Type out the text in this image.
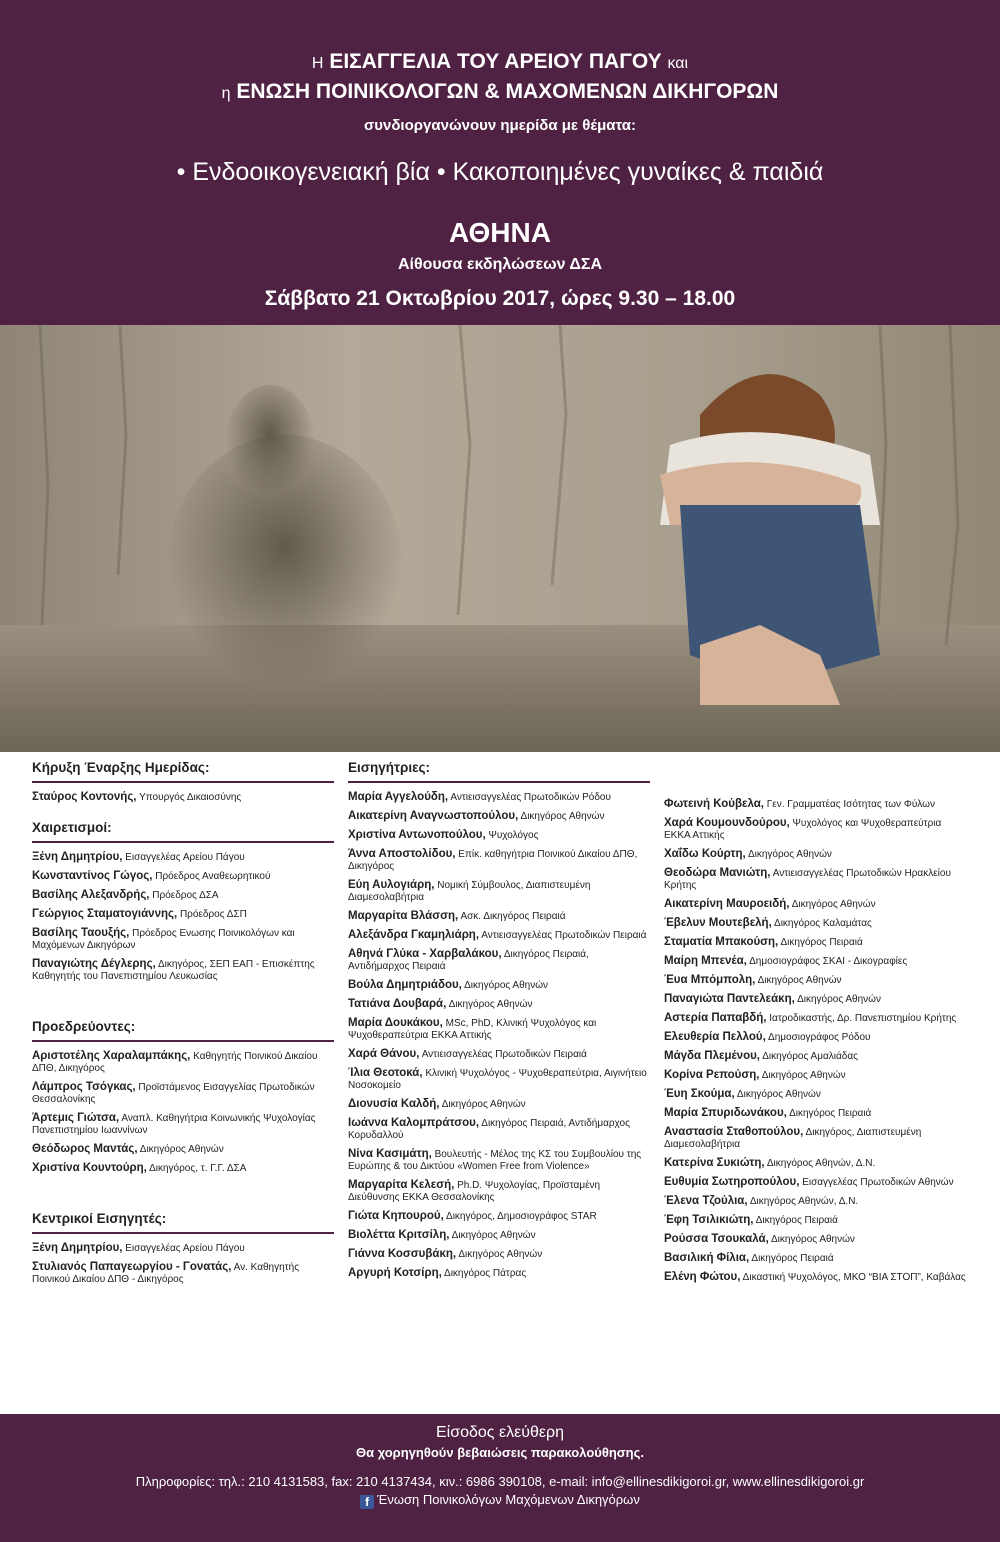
Η ΕΙΣΑΓΓΕΛΙΑ ΤΟΥ ΑΡΕΙΟΥ ΠΑΓΟΥ και
η ΕΝΩΣΗ ΠΟΙΝΙΚΟΛΟΓΩΝ & ΜΑΧΟΜΕΝΩΝ ΔΙΚΗΓΟΡΩΝ
συνδιοργανώνουν ημερίδα με θέματα:
• Ενδοοικογενειακή βία • Κακοποιημένες γυναίκες & παιδιά
ΑΘΗΝΑ
Αίθουσα εκδηλώσεων ΔΣΑ
Σάββατο 21 Οκτωβρίου 2017, ώρες 9.30 – 18.00
Κήρυξη Έναρξης Ημερίδας:
Σταύρος Κοντονής, Υπουργός Δικαιοσύνης
Χαιρετισμοί:
Ξένη Δημητρίου, Εισαγγελέας Αρείου Πάγου
Κωνσταντίνος Γώγος, Πρόεδρος Αναθεωρητικού
Βασίλης Αλεξανδρής, Πρόεδρος ΔΣΑ
Γεώργιος Σταματογιάννης, Πρόεδρος ΔΣΠ
Βασίλης Ταουξής, Πρόεδρος Ενωσης Ποινικολόγων και Μαχόμενων Δικηγόρων
Παναγιώτης Δέγλερης, Δικηγόρος, ΣΕΠ ΕΑΠ - Επισκέπτης Καθηγητής του Πανεπιστημίου Λευκωσίας
Προεδρεύοντες:
Αριστοτέλης Χαραλαμπάκης, Καθηγητής Ποινικού Δικαίου ΔΠΘ, Δικηγόρος
Λάμπρος Τσόγκας, Προϊστάμενος Εισαγγελίας Πρωτοδικών Θεσσαλονίκης
Άρτεμις Γιώτσα, Αναπλ. Καθηγήτρια Κοινωνικής Ψυχολογίας Πανεπιστημίου Ιωαννίνων
Θεόδωρος Μαντάς, Δικηγόρος Αθηνών
Χριστίνα Κουντούρη, Δικηγόρος, τ. Γ.Γ. ΔΣΑ
Κεντρικοί Εισηγητές:
Ξένη Δημητρίου, Εισαγγελέας Αρείου Πάγου
Στυλιανός Παπαγεωργίου - Γονατάς, Αν. Καθηγητής Ποινικού Δικαίου ΔΠΘ - Δικηγόρος
Εισηγήτριες:
Μαρία Αγγελούδη, Αντιεισαγγελέας Πρωτοδικών Ρόδου
Αικατερίνη Αναγνωστοπούλου, Δικηγόρος Αθηνών
Χριστίνα Αντωνοπούλου, Ψυχολόγος
Άννα Αποστολίδου, Επίκ. καθηγήτρια Ποινικού Δικαίου ΔΠΘ, Δικηγόρος
Εύη Αυλογιάρη, Νομική Σύμβουλος, Διαπιστευμένη Διαμεσολαβήτρια
Μαργαρίτα Βλάσση, Ασκ. Δικηγόρος Πειραιά
Αλεξάνδρα Γκαμηλιάρη, Αντιεισαγγελέας Πρωτοδικών Πειραιά
Αθηνά Γλύκα - Χαρβαλάκου, Δικηγόρος Πειραιά, Αντιδήμαρχος Πειραιά
Βούλα Δημητριάδου, Δικηγόρος Αθηνών
Τατιάνα Δουβαρά, Δικηγόρος Αθηνών
Μαρία Δουκάκου, MSc, PhD, Κλινική Ψυχολόγος και Ψυχοθεραπεύτρια ΕΚΚΑ Αττικής
Χαρά Θάνου, Αντιεισαγγελέας Πρωτοδικών Πειραιά
Ίλια Θεοτοκά, Κλινική Ψυχολόγος - Ψυχοθεραπεύτρια, Αιγινήτειο Νοσοκομείο
Διονυσία Καλδή, Δικηγόρος Αθηνών
Ιωάννα Καλομπράτσου, Δικηγόρος Πειραιά, Αντιδήμαρχος Κορυδαλλού
Νίνα Κασιμάτη, Βουλευτής - Μέλος της ΚΣ του Συμβουλίου της Ευρώπης & του Δικτύου «Women Free from Violence»
Μαργαρίτα Κελεσή, Ph.D. Ψυχολογίας, Προϊσταμένη Διεύθυνσης ΕΚΚΑ Θεσσαλονίκης
Γιώτα Κηπουρού, Δικηγόρος, Δημοσιογράφος STAR
Βιολέττα Κριτσίλη, Δικηγόρος Αθηνών
Γιάννα Κοσσυβάκη, Δικηγόρος Αθηνών
Αργυρή Κοτσίρη, Δικηγόρος Πάτρας
Φωτεινή Κούβελα, Γεν. Γραμματέας Ισότητας των Φύλων
Χαρά Κουμουνδούρου, Ψυχολόγος και Ψυχοθεραπεύτρια ΕΚΚΑ Αττικής
Χαΐδω Κούρτη, Δικηγόρος Αθηνών
Θεοδώρα Μανιώτη, Αντιεισαγγελέας Πρωτοδικών Ηρακλείου Κρήτης
Αικατερίνη Μαυροειδή, Δικηγόρος Αθηνών
Έβελυν Μουτεβελή, Δικηγόρος Καλαμάτας
Σταματία Μπακούση, Δικηγόρος Πειραιά
Μαίρη Μπενέα, Δημοσιογράφος ΣΚΑΙ - Δικογραφίες
Έυα Μπόμπολη, Δικηγόρος Αθηνών
Παναγιώτα Παντελεάκη, Δικηγόρος Αθηνών
Αστερία Παπαβδή, Ιατροδικαστής, Δρ. Πανεπιστημίου Κρήτης
Ελευθερία Πελλού, Δημοσιογράφος Ρόδου
Μάγδα Πλεμένου, Δικηγόρος Αμαλιάδας
Κορίνα Ρεπούση, Δικηγόρος Αθηνών
Έυη Σκούμα, Δικηγόρος Αθηνών
Μαρία Σπυριδωνάκου, Δικηγόρος Πειραιά
Αναστασία Σταθοπούλου, Δικηγόρος, Διαπιστευμένη Διαμεσολαβήτρια
Κατερίνα Συκιώτη, Δικηγόρος Αθηνών, Δ.Ν.
Ευθυμία Σωτηροπούλου, Εισαγγελέας Πρωτοδικών Αθηνών
Έλενα Τζούλια, Δικηγόρος Αθηνών, Δ.Ν.
Έφη Τσιλικιώτη, Δικηγόρος Πειραιά
Ρούσσα Τσουκαλά, Δικηγόρος Αθηνών
Βασιλική Φίλια, Δικηγόρος Πειραιά
Ελένη Φώτου, Δικαστική Ψυχολόγος, ΜΚΟ “ΒΙΑ ΣΤΟΠ”, Καβάλας
Είσοδος ελεύθερη
Θα χορηγηθούν βεβαιώσεις παρακολούθησης.
Πληροφορίες: τηλ.: 210 4131583, fax: 210 4137434, κιν.: 6986 390108, e-mail: info@ellinesdikigoroi.gr, www.ellinesdikigoroi.gr
f Ένωση Ποινικολόγων Μαχόμενων Δικηγόρων
